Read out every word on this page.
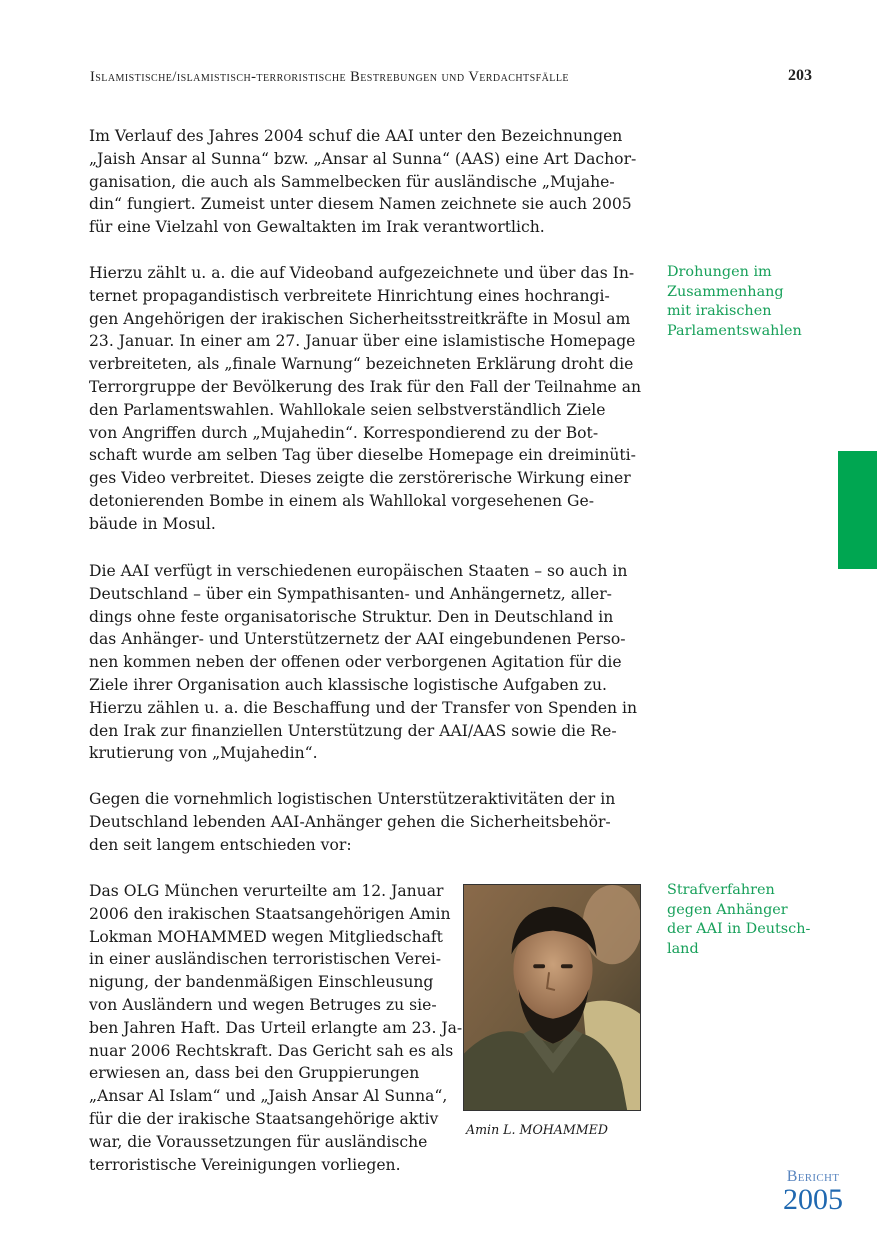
Islamistische/islamistisch-terroristische Bestrebungen und Verdachtsfälle	203
Im Verlauf des Jahres 2004 schuf die AAI unter den Bezeichnungen
„Jaish Ansar al Sunna“ bzw. „Ansar al Sunna“ (AAS) eine Art Dachor-
ganisation, die auch als Sammelbecken für ausländische „Mujahe-
din“ fungiert. Zumeist unter diesem Namen zeichnete sie auch 2005
für eine Vielzahl von Gewaltakten im Irak verantwortlich.
Hierzu zählt u. a. die auf Videoband aufgezeichnete und über das In-
ternet propagandistisch verbreitete Hinrichtung eines hochrangi-
gen Angehörigen der irakischen Sicherheitsstreitkräfte in Mosul am
23. Januar. In einer am 27. Januar über eine islamistische Homepage
verbreiteten, als „finale Warnung“ bezeichneten Erklärung droht die
Terrorgruppe der Bevölkerung des Irak für den Fall der Teilnahme an
den Parlamentswahlen. Wahllokale seien selbstverständlich Ziele
von Angriffen durch „Mujahedin“. Korrespondierend zu der Bot-
schaft wurde am selben Tag über dieselbe Homepage ein dreiminüti-
ges Video verbreitet. Dieses zeigte die zerstörerische Wirkung einer
detonierenden Bombe in einem als Wahllokal vorgesehenen Ge-
bäude in Mosul.
Die AAI verfügt in verschiedenen europäischen Staaten – so auch in
Deutschland – über ein Sympathisanten- und Anhängernetz, aller-
dings ohne feste organisatorische Struktur. Den in Deutschland in
das Anhänger- und Unterstützernetz der AAI eingebundenen Perso-
nen kommen neben der offenen oder verborgenen Agitation für die
Ziele ihrer Organisation auch klassische logistische Aufgaben zu.
Hierzu zählen u. a. die Beschaffung und der Transfer von Spenden in
den Irak zur finanziellen Unterstützung der AAI/AAS sowie die Re-
krutierung von „Mujahedin“.
Gegen die vornehmlich logistischen Unterstützeraktivitäten der in
Deutschland lebenden AAI-Anhänger gehen die Sicherheitsbehör-
den seit langem entschieden vor:
Das OLG München verurteilte am 12. Januar
2006 den irakischen Staatsangehörigen Amin
Lokman MOHAMMED wegen Mitgliedschaft
in einer ausländischen terroristischen Verei-
nigung, der bandenmäßigen Einschleusung
von Ausländern und wegen Betruges zu sie-
ben Jahren Haft. Das Urteil erlangte am 23. Ja-
nuar 2006 Rechtskraft. Das Gericht sah es als
erwiesen an, dass bei den Gruppierungen
„Ansar Al Islam“ und „Jaish Ansar Al Sunna“,
für die der irakische Staatsangehörige aktiv
war, die Voraussetzungen für ausländische
terroristische Vereinigungen vorliegen.
Drohungen im
Zusammenhang
mit irakischen
Parlamentswahlen
Strafverfahren
gegen Anhänger
der AAI in Deutsch-
land
Amin L. MOHAMMED
Bericht
2005
